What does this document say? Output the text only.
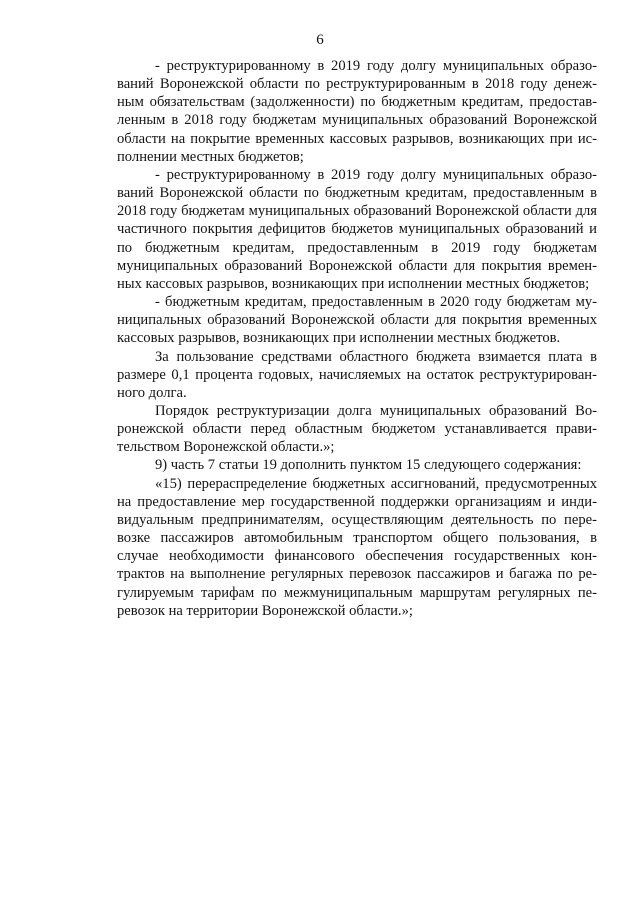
6

- реструктурированному в 2019 году долгу муниципальных образований Воронежской области по реструктурированным в 2018 году денежным обязательствам (задолженности) по бюджетным кредитам, предоставленным в 2018 году бюджетам муниципальных образований Воронежской области на покрытие временных кассовых разрывов, возникающих при исполнении местных бюджетов;

- реструктурированному в 2019 году долгу муниципальных образований Воронежской области по бюджетным кредитам, предоставленным в 2018 году бюджетам муниципальных образований Воронежской области для частичного покрытия дефицитов бюджетов муниципальных образований и по бюджетным кредитам, предоставленным в 2019 году бюджетам муниципальных образований Воронежской области для покрытия временных кассовых разрывов, возникающих при исполнении местных бюджетов;

- бюджетным кредитам, предоставленным в 2020 году бюджетам муниципальных образований Воронежской области для покрытия временных кассовых разрывов, возникающих при исполнении местных бюджетов.

За пользование средствами областного бюджета взимается плата в размере 0,1 процента годовых, начисляемых на остаток реструктурированного долга.

Порядок реструктуризации долга муниципальных образований Воронежской области перед областным бюджетом устанавливается правительством Воронежской области.»;

9) часть 7 статьи 19 дополнить пунктом 15 следующего содержания:

«15) перераспределение бюджетных ассигнований, предусмотренных на предоставление мер государственной поддержки организациям и индивидуальным предпринимателям, осуществляющим деятельность по перевозке пассажиров автомобильным транспортом общего пользования, в случае необходимости финансового обеспечения государственных контрактов на выполнение регулярных перевозок пассажиров и багажа по регулируемым тарифам по межмуниципальным маршрутам регулярных перевозок на территории Воронежской области.»;
